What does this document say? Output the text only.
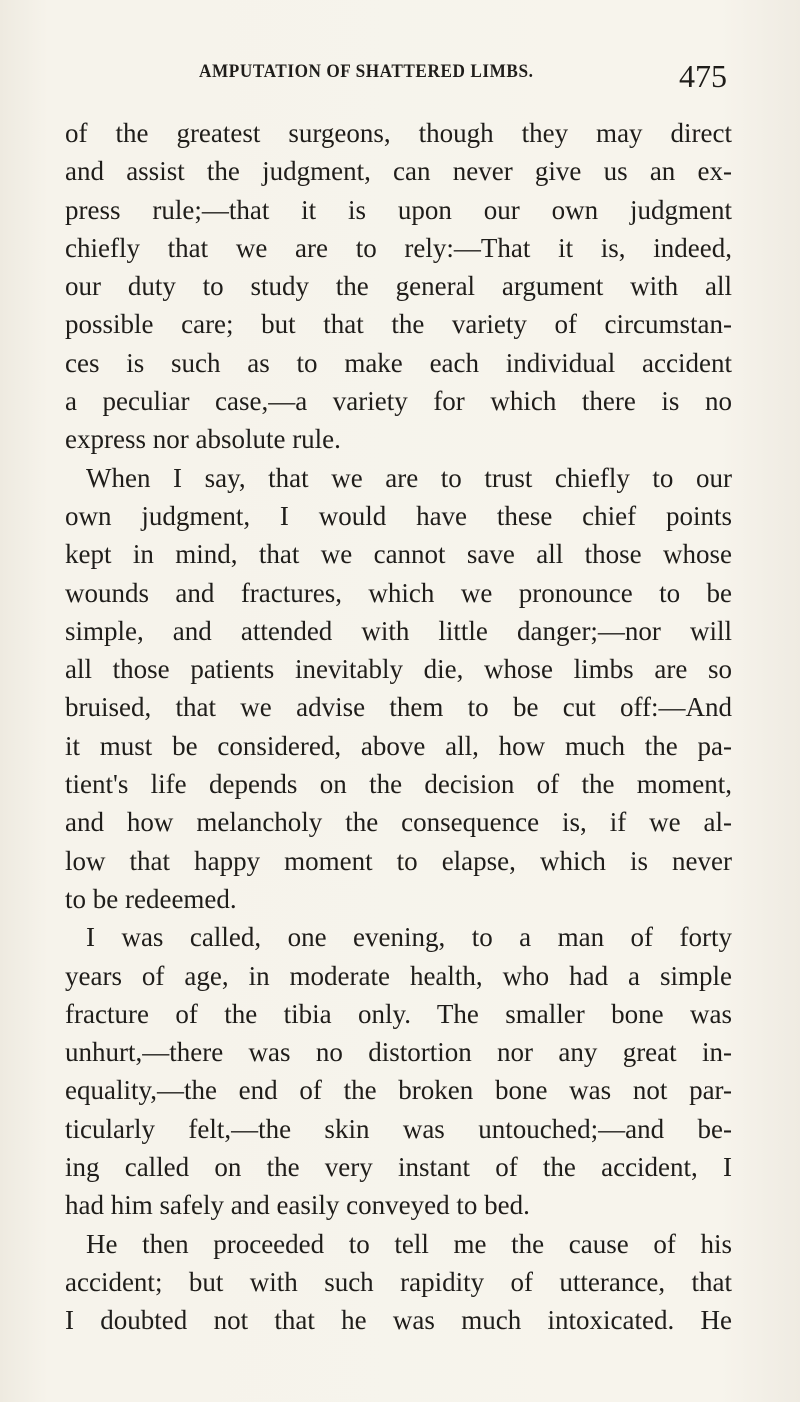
AMPUTATION OF SHATTERED LIMBS.	475
of the greatest surgeons, though they may direct
and assist the judgment, can never give us an ex-
press rule;—that it is upon our own judgment
chiefly that we are to rely:—That it is, indeed,
our duty to study the general argument with all
possible care; but that the variety of circumstan-
ces is such as to make each individual accident
a peculiar case,—a variety for which there is no
express nor absolute rule.
When I say, that we are to trust chiefly to our
own judgment, I would have these chief points
kept in mind, that we cannot save all those whose
wounds and fractures, which we pronounce to be
simple, and attended with little danger;—nor will
all those patients inevitably die, whose limbs are so
bruised, that we advise them to be cut off:—And
it must be considered, above all, how much the pa-
tient's life depends on the decision of the moment,
and how melancholy the consequence is, if we al-
low that happy moment to elapse, which is never
to be redeemed.
I was called, one evening, to a man of forty
years of age, in moderate health, who had a simple
fracture of the tibia only. The smaller bone was
unhurt,—there was no distortion nor any great in-
equality,—the end of the broken bone was not par-
ticularly felt,—the skin was untouched;—and be-
ing called on the very instant of the accident, I
had him safely and easily conveyed to bed.
He then proceeded to tell me the cause of his
accident; but with such rapidity of utterance, that
I doubted not that he was much intoxicated. He
